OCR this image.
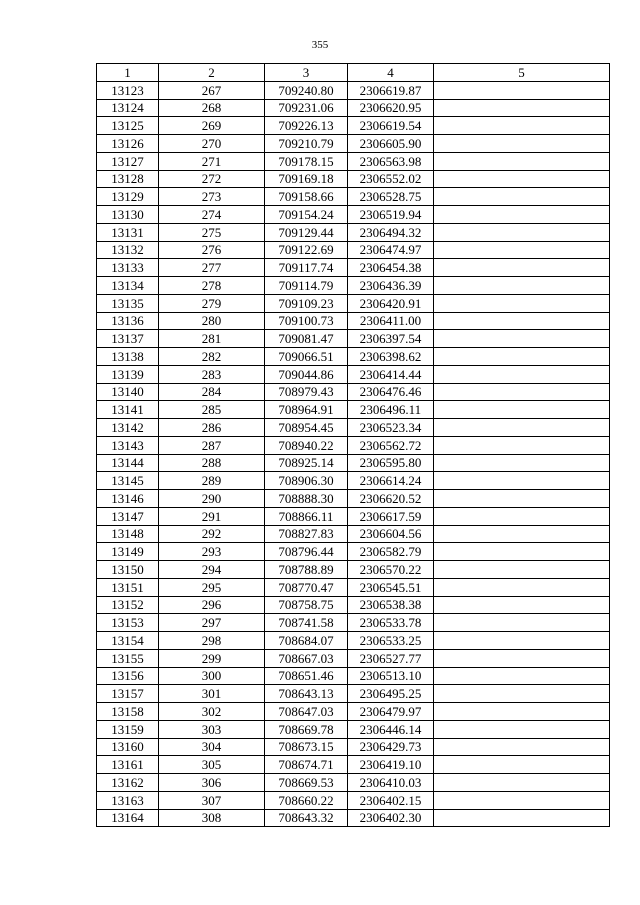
355
1	2	3	4	5
13123	267	709240.80	2306619.87	
13124	268	709231.06	2306620.95	
13125	269	709226.13	2306619.54	
13126	270	709210.79	2306605.90	
13127	271	709178.15	2306563.98	
13128	272	709169.18	2306552.02	
13129	273	709158.66	2306528.75	
13130	274	709154.24	2306519.94	
13131	275	709129.44	2306494.32	
13132	276	709122.69	2306474.97	
13133	277	709117.74	2306454.38	
13134	278	709114.79	2306436.39	
13135	279	709109.23	2306420.91	
13136	280	709100.73	2306411.00	
13137	281	709081.47	2306397.54	
13138	282	709066.51	2306398.62	
13139	283	709044.86	2306414.44	
13140	284	708979.43	2306476.46	
13141	285	708964.91	2306496.11	
13142	286	708954.45	2306523.34	
13143	287	708940.22	2306562.72	
13144	288	708925.14	2306595.80	
13145	289	708906.30	2306614.24	
13146	290	708888.30	2306620.52	
13147	291	708866.11	2306617.59	
13148	292	708827.83	2306604.56	
13149	293	708796.44	2306582.79	
13150	294	708788.89	2306570.22	
13151	295	708770.47	2306545.51	
13152	296	708758.75	2306538.38	
13153	297	708741.58	2306533.78	
13154	298	708684.07	2306533.25	
13155	299	708667.03	2306527.77	
13156	300	708651.46	2306513.10	
13157	301	708643.13	2306495.25	
13158	302	708647.03	2306479.97	
13159	303	708669.78	2306446.14	
13160	304	708673.15	2306429.73	
13161	305	708674.71	2306419.10	
13162	306	708669.53	2306410.03	
13163	307	708660.22	2306402.15	
13164	308	708643.32	2306402.30	
